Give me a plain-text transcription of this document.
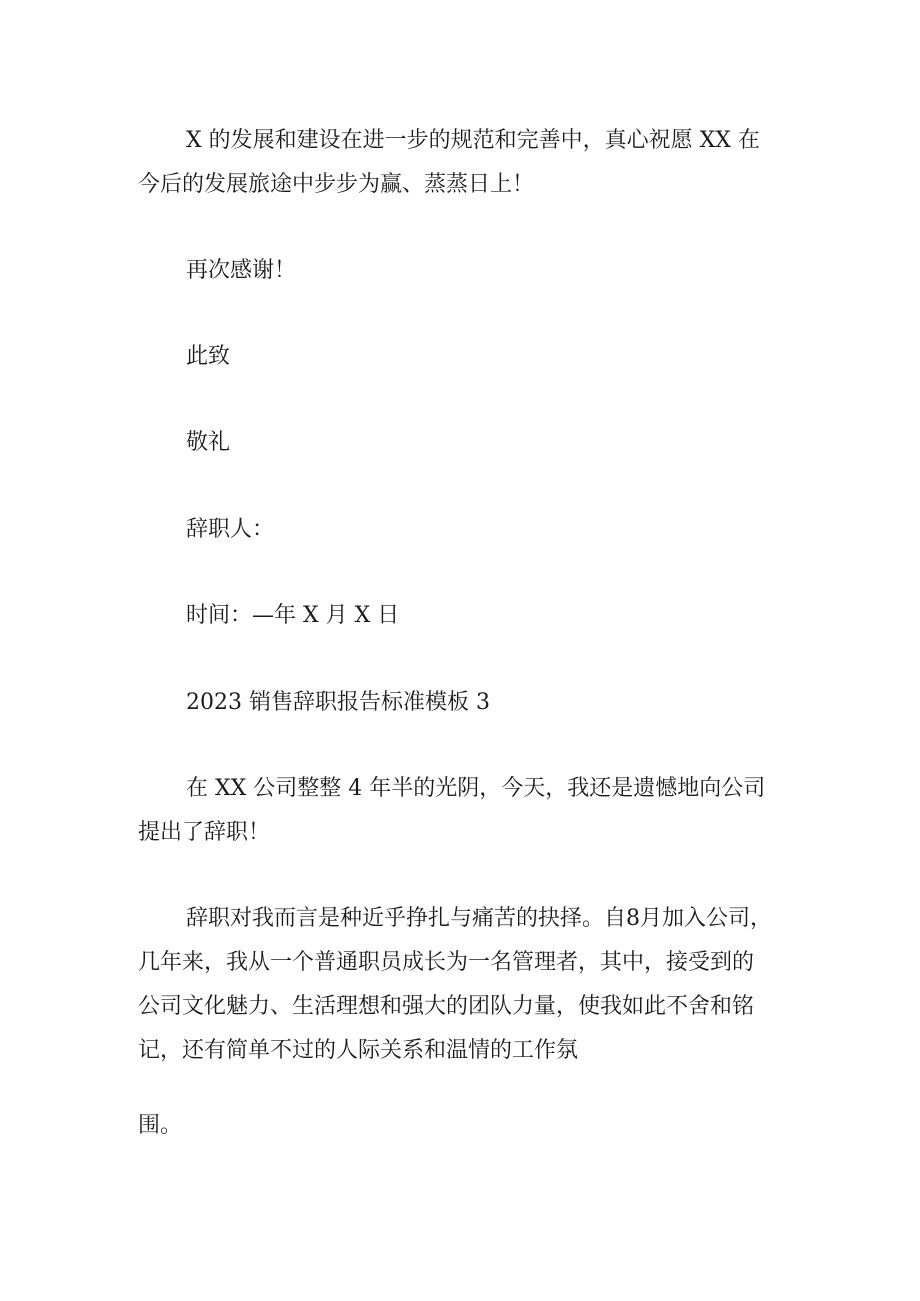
X 的发展和建设在进一步的规范和完善中，真心祝愿 XX 在
今后的发展旅途中步步为赢、蒸蒸日上！

再次感谢！

此致

敬礼

辞职人：

时间：—年 X 月 X 日

2023 销售辞职报告标准模板 3

在 XX 公司整整 4 年半的光阴，今天，我还是遗憾地向公司
提出了辞职！

辞职对我而言是种近乎挣扎与痛苦的抉择。自8月加入公司，
几年来，我从一个普通职员成长为一名管理者，其中，接受到的
公司文化魅力、生活理想和强大的团队力量，使我如此不舍和铭
记，还有简单不过的人际关系和温情的工作氛

围。
